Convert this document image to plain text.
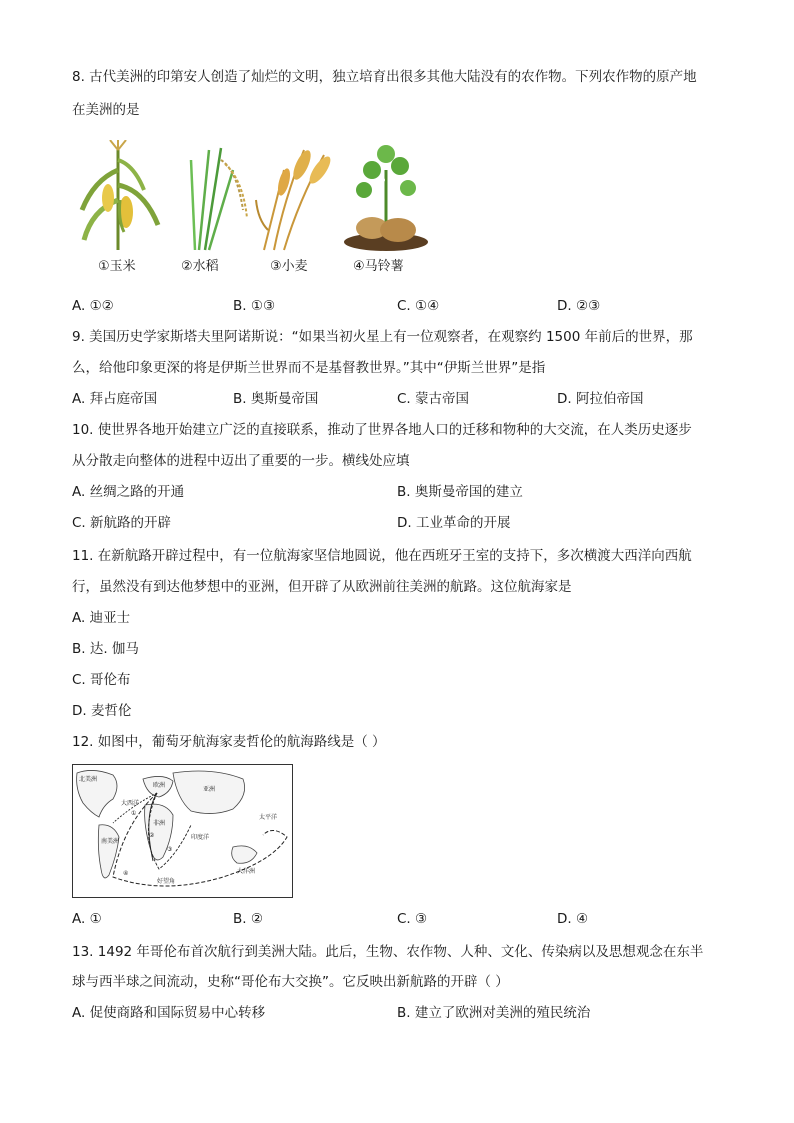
8. 古代美洲的印第安人创造了灿烂的文明，独立培育出很多其他大陆没有的农作物。下列农作物的原产地
在美洲的是
①玉米	②水稻	③小麦	④马铃薯
A. ①②	B. ①③	C. ①④	D. ②③
9. 美国历史学家斯塔夫里阿诺斯说：“如果当初火星上有一位观察者，在观察约 1500 年前后的世界，那
么，给他印象更深的将是伊斯兰世界而不是基督教世界。”其中“伊斯兰世界”是指
A. 拜占庭帝国	B. 奥斯曼帝国	C. 蒙古帝国	D. 阿拉伯帝国
10. 使世界各地开始建立广泛的直接联系，推动了世界各地人口的迁移和物种的大交流，在人类历史逐步
从分散走向整体的进程中迈出了重要的一步。横线处应填
A. 丝绸之路的开通	B. 奥斯曼帝国的建立
C. 新航路的开辟	D. 工业革命的开展
11. 在新航路开辟过程中，有一位航海家坚信地圆说，他在西班牙王室的支持下，多次横渡大西洋向西航
行，虽然没有到达他梦想中的亚洲，但开辟了从欧洲前往美洲的航路。这位航海家是
A. 迪亚士
B. 达. 伽马
C. 哥伦布
D. 麦哲伦
12. 如图中，葡萄牙航海家麦哲伦的航海路线是（ ）
北美洲
大西洋
欧洲
亚洲
非洲
南美洲
印度洋
太平洋
大洋洲
好望角
①
②
③
④
A. ①	B. ②	C. ③	D. ④
13. 1492 年哥伦布首次航行到美洲大陆。此后，生物、农作物、人种、文化、传染病以及思想观念在东半
球与西半球之间流动，史称“哥伦布大交换”。它反映出新航路的开辟（ ）
A. 促使商路和国际贸易中心转移	B. 建立了欧洲对美洲的殖民统治
